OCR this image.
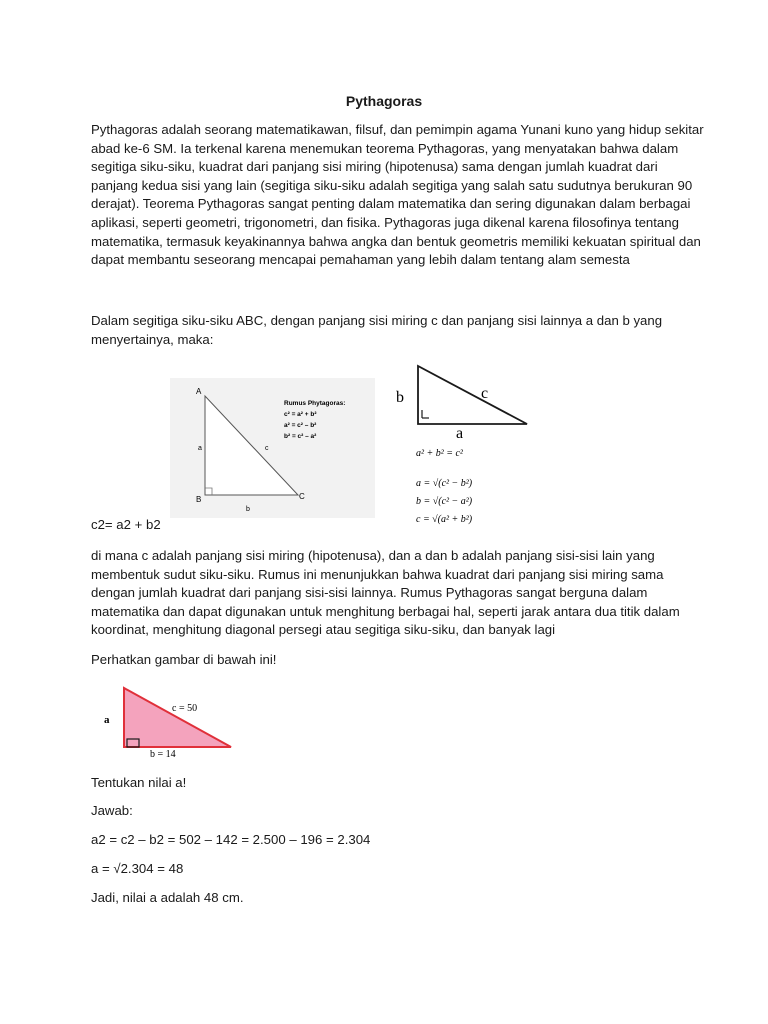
Pythagoras

Pythagoras adalah seorang matematikawan, filsuf, dan pemimpin agama Yunani kuno yang hidup sekitar
abad ke-6 SM. Ia terkenal karena menemukan teorema Pythagoras, yang menyatakan bahwa dalam
segitiga siku-siku, kuadrat dari panjang sisi miring (hipotenusa) sama dengan jumlah kuadrat dari
panjang kedua sisi yang lain (segitiga siku-siku adalah segitiga yang salah satu sudutnya berukuran 90
derajat). Teorema Pythagoras sangat penting dalam matematika dan sering digunakan dalam berbagai
aplikasi, seperti geometri, trigonometri, dan fisika. Pythagoras juga dikenal karena filosofinya tentang
matematika, termasuk keyakinannya bahwa angka dan bentuk geometris memiliki kekuatan spiritual dan
dapat membantu seseorang mencapai pemahaman yang lebih dalam tentang alam semesta

Dalam segitiga siku-siku ABC, dengan panjang sisi miring c dan panjang sisi lainnya a dan b yang
menyertainya, maka:

A
B	C
a
b
c
Rumus Phytagoras:
c² = a² + b²
a² = c² – b²
b² = c² – a²
b	c
a
a² + b² = c²
a = √(c² − b²)
b = √(c² − a²)
c = √(a² + b²)
c2= a2 + b2

di mana c adalah panjang sisi miring (hipotenusa), dan a dan b adalah panjang sisi-sisi lain yang
membentuk sudut siku-siku. Rumus ini menunjukkan bahwa kuadrat dari panjang sisi miring sama
dengan jumlah kuadrat dari panjang sisi-sisi lainnya. Rumus Pythagoras sangat berguna dalam
matematika dan dapat digunakan untuk menghitung berbagai hal, seperti jarak antara dua titik dalam
koordinat, menghitung diagonal persegi atau segitiga siku-siku, dan banyak lagi

Perhatkan gambar di bawah ini!
a
c = 50
b = 14
Tentukan nilai a!
Jawab:
a2 = c2 – b2 = 502 – 142 = 2.500 – 196 = 2.304
a = √2.304 = 48
Jadi, nilai a adalah 48 cm.
